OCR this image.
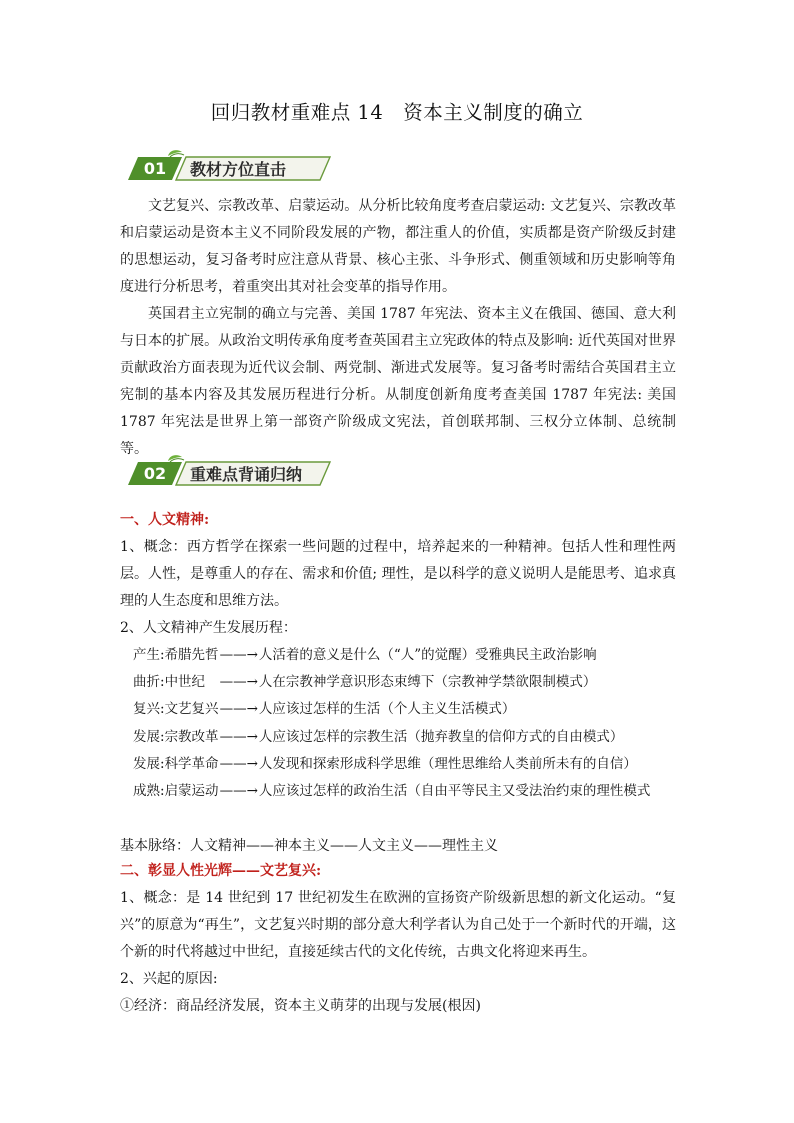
回归教材重难点 14　资本主义制度的确立
01	教材方位直击
文艺复兴、宗教改革、启蒙运动。从分析比较角度考查启蒙运动: 文艺复兴、宗教改革和启蒙运动是资本主义不同阶段发展的产物，都注重人的价值，实质都是资产阶级反封建的思想运动，复习备考时应注意从背景、核心主张、斗争形式、侧重领域和历史影响等角度进行分析思考，着重突出其对社会变革的指导作用。
英国君主立宪制的确立与完善、美国 1787 年宪法、资本主义在俄国、德国、意大利与日本的扩展。从政治文明传承角度考查英国君主立宪政体的特点及影响: 近代英国对世界贡献政治方面表现为近代议会制、两党制、渐进式发展等。复习备考时需结合英国君主立宪制的基本内容及其发展历程进行分析。从制度创新角度考查美国 1787 年宪法: 美国 1787 年宪法是世界上第一部资产阶级成文宪法，首创联邦制、三权分立体制、总统制等。
02	重难点背诵归纳
一、人文精神:
1、概念：西方哲学在探索一些问题的过程中，培养起来的一种精神。包括人性和理性两层。人性，是尊重人的存在、需求和价值; 理性，是以科学的意义说明人是能思考、追求真理的人生态度和思维方法。
2、人文精神产生发展历程：
产生:希腊先哲——→人活着的意义是什么（“人”的觉醒）受雅典民主政治影响
曲折:中世纪　——→人在宗教神学意识形态束缚下（宗教神学禁欲限制模式）
复兴:文艺复兴——→人应该过怎样的生活（个人主义生活模式）
发展:宗教改革——→人应该过怎样的宗教生活（抛弃教皇的信仰方式的自由模式）
发展:科学革命——→人发现和探索形成科学思维（理性思维给人类前所未有的自信）
成熟:启蒙运动——→人应该过怎样的政治生活（自由平等民主又受法治约束的理性模式
基本脉络：人文精神——神本主义——人文主义——理性主义
二、彰显人性光辉——文艺复兴:
1、概念：是 14 世纪到 17 世纪初发生在欧洲的宣扬资产阶级新思想的新文化运动。“复兴”的原意为“再生”，文艺复兴时期的部分意大利学者认为自己处于一个新时代的开端，这个新的时代将越过中世纪，直接延续古代的文化传统，古典文化将迎来再生。
2、兴起的原因:
①经济：商品经济发展，资本主义萌芽的出现与发展(根因)
